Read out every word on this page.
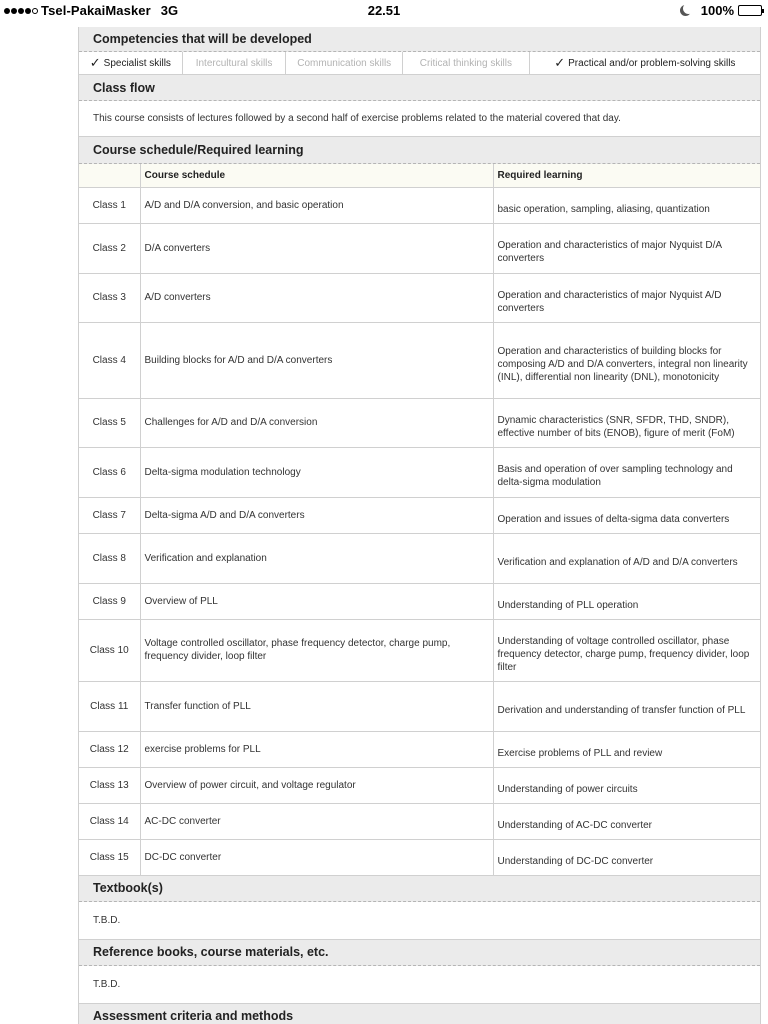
Tsel-PakaiMasker 3G	22.51	100%
Competencies that will be developed
✓ Specialist skills Intercultural skills Communication skills	Critical thinking skills	✓ Practical and/or problem-solving skills
Class flow
This course consists of lectures followed by a second half of exercise problems related to the material covered that day.
Course schedule/Required learning
	Course schedule	Required learning
Class 1	A/D and D/A conversion, and basic operation	basic operation, sampling, aliasing, quantization

Class 2	D/A converters	Operation and characteristics of major Nyquist D/A converters

Class 3	A/D converters	Operation and characteristics of major Nyquist A/D converters

Class 4	Building blocks for A/D and D/A converters	Operation and characteristics of building blocks for composing A/D and D/A converters, integral non linearity (INL), differential non linearity (DNL), monotonicity

Class 5	Challenges for A/D and D/A conversion	Dynamic characteristics (SNR, SFDR, THD, SNDR), effective number of bits (ENOB), figure of merit (FoM)

Class 6	Delta-sigma modulation technology	Basis and operation of over sampling technology and delta-sigma modulation

Class 7	Delta-sigma A/D and D/A converters	Operation and issues of delta-sigma data converters

Class 8	Verification and explanation	Verification and explanation of A/D and D/A converters

Class 9	Overview of PLL	Understanding of PLL operation

Class 10	Voltage controlled oscillator, phase frequency detector, charge pump, frequency divider, loop filter	Understanding of voltage controlled oscillator, phase frequency detector, charge pump, frequency divider, loop filter

Class 11	Transfer function of PLL	Derivation and understanding of transfer function of PLL

Class 12	exercise problems for PLL	Exercise problems of PLL and review

Class 13	Overview of power circuit, and voltage regulator	Understanding of power circuits

Class 14	AC-DC converter	Understanding of AC-DC converter

Class 15	DC-DC converter	Understanding of DC-DC converter
Textbook(s)
T.B.D.
Reference books, course materials, etc.
T.B.D.
Assessment criteria and methods
